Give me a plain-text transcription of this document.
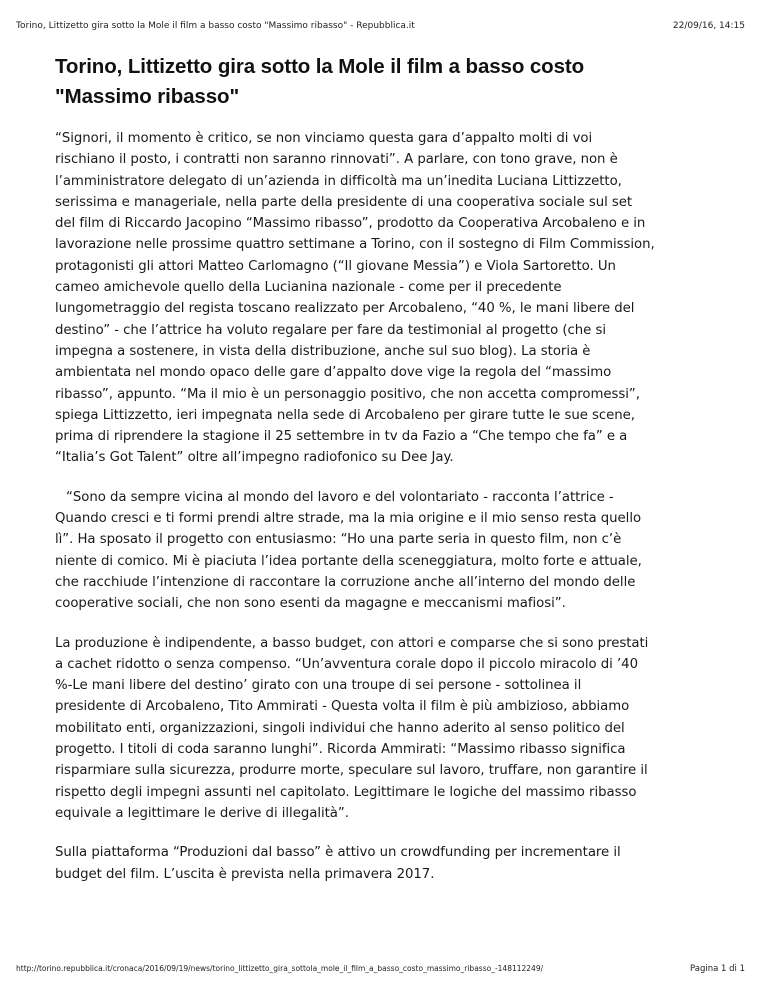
Torino, Littizetto gira sotto la Mole il film a basso costo "Massimo ribasso" - Repubblica.it	22/09/16, 14:15
Torino, Littizetto gira sotto la Mole il film a basso costo "Massimo ribasso"

“Signori, il momento è critico, se non vinciamo questa gara d’appalto molti di voi rischiano il posto, i contratti non saranno rinnovati”. A parlare, con tono grave, non è l’amministratore delegato di un’azienda in difficoltà ma un’inedita Luciana Littizzetto, serissima e manageriale, nella parte della presidente di una cooperativa sociale sul set del film di Riccardo Jacopino “Massimo ribasso”, prodotto da Cooperativa Arcobaleno e in lavorazione nelle prossime quattro settimane a Torino, con il sostegno di Film Commission, protagonisti gli attori Matteo Carlomagno (“Il giovane Messia”) e Viola Sartoretto. Un cameo amichevole quello della Lucianina nazionale - come per il precedente lungometraggio del regista toscano realizzato per Arcobaleno, “40 %, le mani libere del destino” - che l’attrice ha voluto regalare per fare da testimonial al progetto (che si impegna a sostenere, in vista della distribuzione, anche sul suo blog). La storia è ambientata nel mondo opaco delle gare d’appalto dove vige la regola del “massimo ribasso”, appunto. “Ma il mio è un personaggio positivo, che non accetta compromessi”, spiega Littizzetto, ieri impegnata nella sede di Arcobaleno per girare tutte le sue scene, prima di riprendere la stagione il 25 settembre in tv da Fazio a “Che tempo che fa” e a “Italia’s Got Talent” oltre all’impegno radiofonico su Dee Jay.

“Sono da sempre vicina al mondo del lavoro e del volontariato - racconta l’attrice - Quando cresci e ti formi prendi altre strade, ma la mia origine e il mio senso resta quello lì”. Ha sposato il progetto con entusiasmo: “Ho una parte seria in questo film, non c’è niente di comico. Mi è piaciuta l’idea portante della sceneggiatura, molto forte e attuale, che racchiude l’intenzione di raccontare la corruzione anche all’interno del mondo delle cooperative sociali, che non sono esenti da magagne e meccanismi mafiosi”.

La produzione è indipendente, a basso budget, con attori e comparse che si sono prestati a cachet ridotto o senza compenso. “Un’avventura corale dopo il piccolo miracolo di ’40 %-Le mani libere del destino’ girato con una troupe di sei persone - sottolinea il presidente di Arcobaleno, Tito Ammirati - Questa volta il film è più ambizioso, abbiamo mobilitato enti, organizzazioni, singoli individui che hanno aderito al senso politico del progetto. I titoli di coda saranno lunghi”. Ricorda Ammirati: “Massimo ribasso significa risparmiare sulla sicurezza, produrre morte, speculare sul lavoro, truffare, non garantire il rispetto degli impegni assunti nel capitolato. Legittimare le logiche del massimo ribasso equivale a legittimare le derive di illegalità”.

Sulla piattaforma “Produzioni dal basso” è attivo un crowdfunding per incrementare il budget del film. L’uscita è prevista nella primavera 2017.

http://torino.repubblica.it/cronaca/2016/09/19/news/torino_littizetto_gira_sottola_mole_il_film_a_basso_costo_massimo_ribasso_-148112249/	Pagina 1 di 1
